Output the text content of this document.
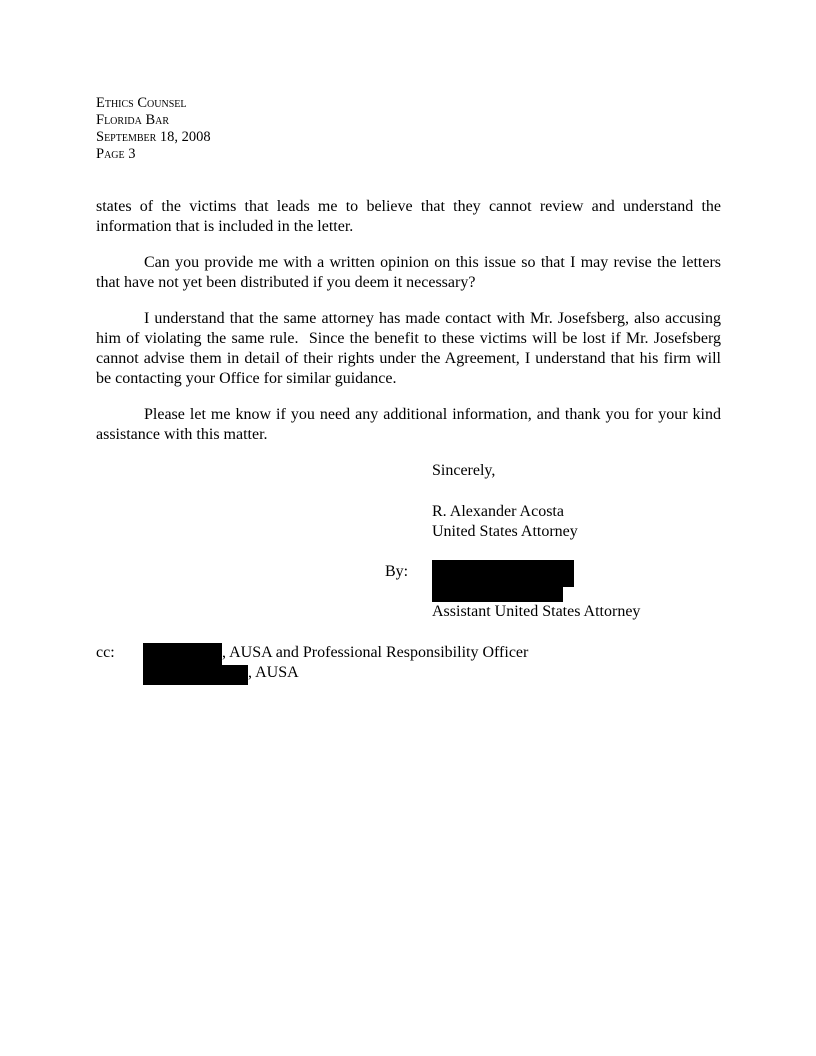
Ethics Counsel
Florida Bar
September 18, 2008
Page 3

states of the victims that leads me to believe that they cannot review and understand the information that is included in the letter.

Can you provide me with a written opinion on this issue so that I may revise the letters that have not yet been distributed if you deem it necessary?

I understand that the same attorney has made contact with Mr. Josefsberg, also accusing him of violating the same rule.  Since the benefit to these victims will be lost if Mr. Josefsberg cannot advise them in detail of their rights under the Agreement, I understand that his firm will be contacting your Office for similar guidance.

Please let me know if you need any additional information, and thank you for your kind assistance with this matter.

Sincerely,
R. Alexander Acosta
United States Attorney
By:
Assistant United States Attorney
cc:	, AUSA and Professional Responsibility Officer
, AUSA
